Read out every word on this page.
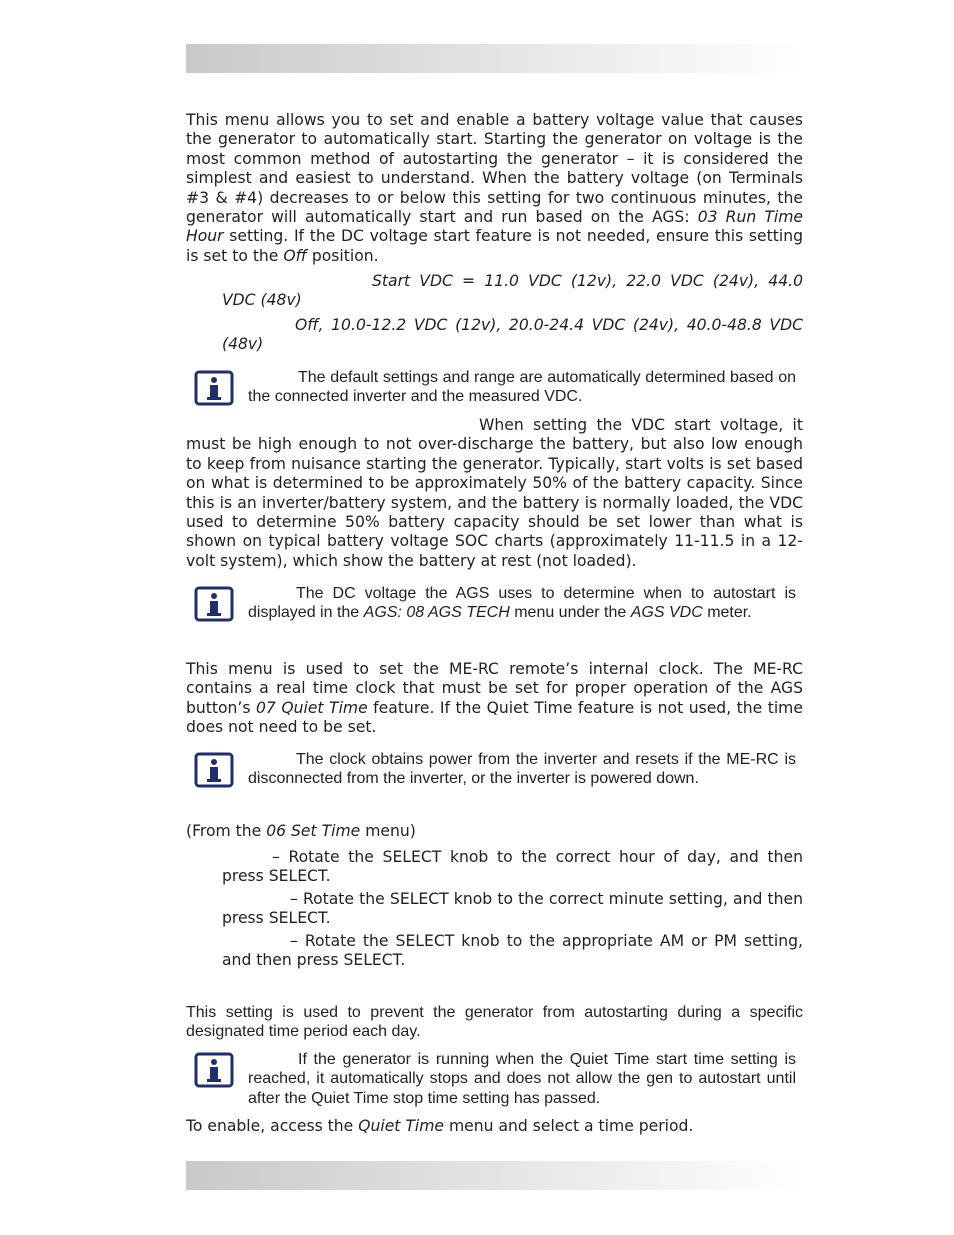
This menu allows you to set and enable a battery voltage value that causes the generator to automatically start. Starting the generator on voltage is the most common method of autostarting the generator – it is considered the simplest and easiest to understand. When the battery voltage (on Terminals #3 & #4) decreases to or below this setting for two continuous minutes, the generator will automatically start and run based on the AGS: 03 Run Time Hour setting. If the DC voltage start feature is not needed, ensure this setting is set to the Off position.

Start VDC = 11.0 VDC (12v), 22.0 VDC (24v), 44.0 VDC (48v)

Off, 10.0-12.2 VDC (12v), 20.0-24.4 VDC (24v), 40.0-48.8 VDC (48v)

The default settings and range are automatically determined based on the connected inverter and the measured VDC.

When setting the VDC start voltage, it must be high enough to not over-discharge the battery, but also low enough to keep from nuisance starting the generator. Typically, start volts is set based on what is determined to be approximately 50% of the battery capacity. Since this is an inverter/battery system, and the battery is normally loaded, the VDC used to determine 50% battery capacity should be set lower than what is shown on typical battery voltage SOC charts (approximately 11-11.5 in a 12-volt system), which show the battery at rest (not loaded).

The DC voltage the AGS uses to determine when to autostart is displayed in the AGS: 08 AGS TECH menu under the AGS VDC meter.

This menu is used to set the ME-RC remote’s internal clock. The ME-RC contains a real time clock that must be set for proper operation of the AGS button’s 07 Quiet Time feature. If the Quiet Time feature is not used, the time does not need to be set.

The clock obtains power from the inverter and resets if the ME-RC is disconnected from the inverter, or the inverter is powered down.

(From the 06 Set Time menu)

– Rotate the SELECT knob to the correct hour of day, and then press SELECT.

– Rotate the SELECT knob to the correct minute setting, and then press SELECT.

– Rotate the SELECT knob to the appropriate AM or PM setting, and then press SELECT.

This setting is used to prevent the generator from autostarting during a specific designated time period each day.

If the generator is running when the Quiet Time start time setting is reached, it automatically stops and does not allow the gen to autostart until after the Quiet Time stop time setting has passed.

To enable, access the Quiet Time menu and select a time period.
